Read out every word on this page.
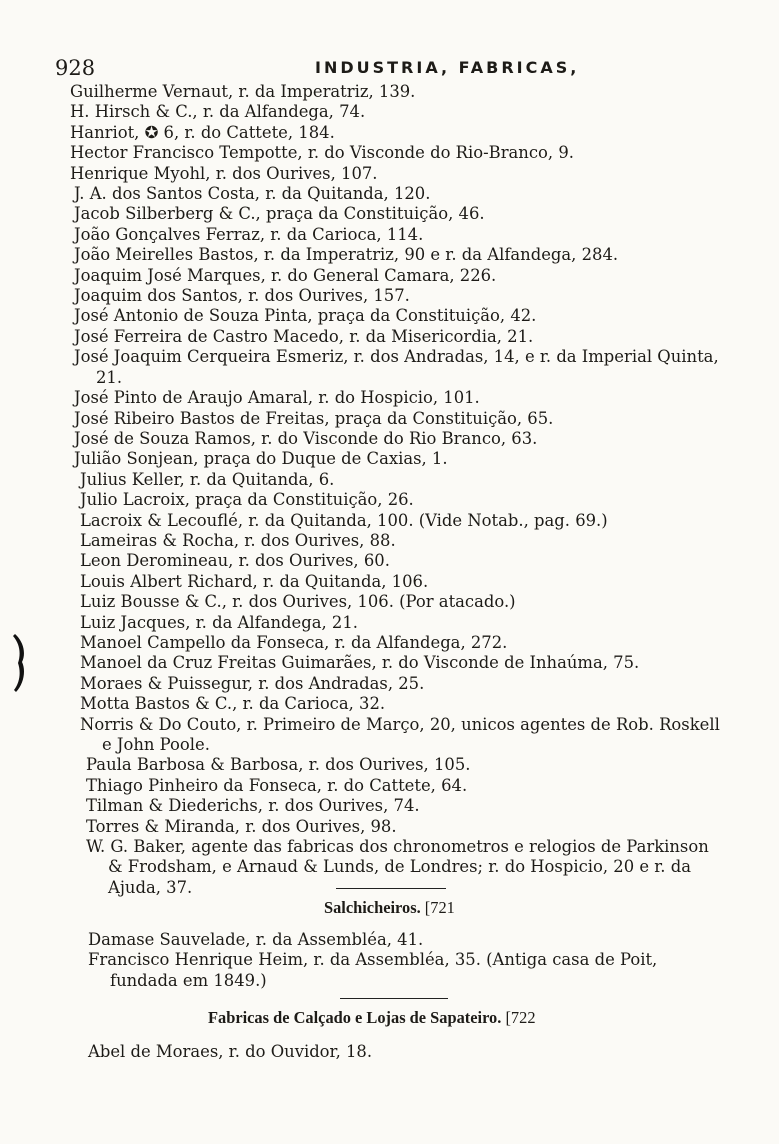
928	INDUSTRIA, FABRICAS,
Guilherme Vernaut, r. da Imperatriz, 139.
H. Hirsch & C., r. da Alfandega, 74.
Hanriot, ✪ 6, r. do Cattete, 184.
Hector Francisco Tempotte, r. do Visconde do Rio-Branco, 9.
Henrique Myohl, r. dos Ourives, 107.
J. A. dos Santos Costa, r. da Quitanda, 120.
Jacob Silberberg & C., praça da Constituição, 46.
João Gonçalves Ferraz, r. da Carioca, 114.
João Meirelles Bastos, r. da Imperatriz, 90 e r. da Alfandega, 284.
Joaquim José Marques, r. do General Camara, 226.
Joaquim dos Santos, r. dos Ourives, 157.
José Antonio de Souza Pinta, praça da Constituição, 42.
José Ferreira de Castro Macedo, r. da Misericordia, 21.
José Joaquim Cerqueira Esmeriz, r. dos Andradas, 14, e r. da Imperial Quinta, 21.
José Pinto de Araujo Amaral, r. do Hospicio, 101.
José Ribeiro Bastos de Freitas, praça da Constituição, 65.
José de Souza Ramos, r. do Visconde do Rio Branco, 63.
Julião Sonjean, praça do Duque de Caxias, 1.
Julius Keller, r. da Quitanda, 6.
Julio Lacroix, praça da Constituição, 26.
Lacroix & Lecouflé, r. da Quitanda, 100. (Vide Notab., pag. 69.)
Lameiras & Rocha, r. dos Ourives, 88.
Leon Derominеau, r. dos Ourives, 60.
Louis Albert Richard, r. da Quitanda, 106.
Luiz Bousse & C., r. dos Ourives, 106. (Por atacado.)
Luiz Jacques, r. da Alfandega, 21.
Manoel Campello da Fonseca, r. da Alfandega, 272.
Manoel da Cruz Freitas Guimarães, r. do Visconde de Inhaúma, 75.
Moraes & Puissegur, r. dos Andradas, 25.
Motta Bastos & C., r. da Carioca, 32.
Norris & Do Couto, r. Primeiro de Março, 20, unicos agentes de Rob. Roskell e John Poole.
Paula Barbosa & Barbosa, r. dos Ourives, 105.
Thiago Pinheiro da Fonseca, r. do Cattete, 64.
Tilman & Diederichs, r. dos Ourives, 74.
Torres & Miranda, r. dos Ourives, 98.
W. G. Baker, agente das fabricas dos chronometros e relogios de Parkinson & Frodsham, e Arnaud & Lunds, de Londres; r. do Hospicio, 20 e r. da Ajuda, 37.
Salchicheiros. [721
Damase Sauvelade, r. da Assembléa, 41.
Francisco Henrique Heim, r. da Assembléa, 35. (Antiga casa de Poit, fundada em 1849.)
Fabricas de Calçado e Lojas de Sapateiro. [722
Abel de Moraes, r. do Ouvidor, 18.
